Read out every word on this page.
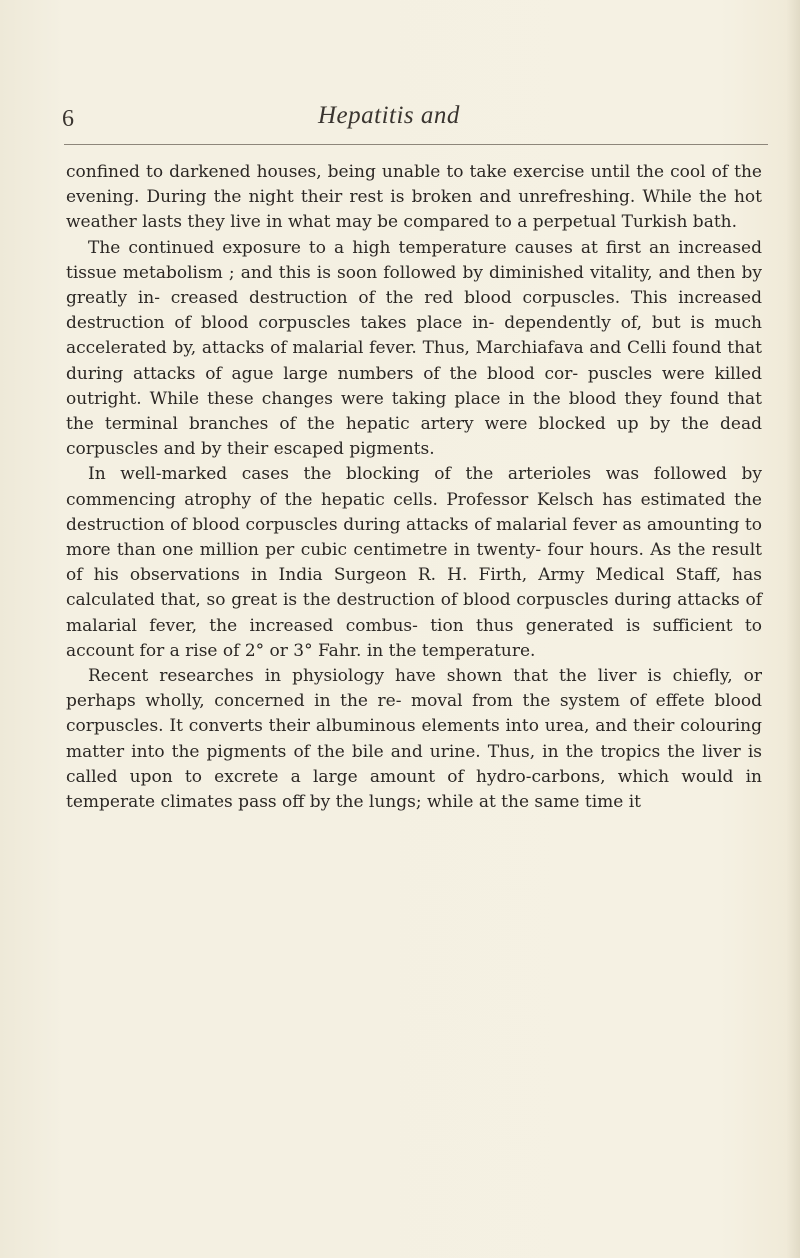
6	Hepatitis and

confined to darkened houses, being unable to take exercise until the cool of the evening. During the night their rest is broken and unrefreshing. While the hot weather lasts they live in what may be compared to a perpetual Turkish bath.

The continued exposure to a high temperature causes at first an increased tissue metabolism ; and this is soon followed by diminished vitality, and then by greatly in- creased destruction of the red blood corpuscles. This increased destruction of blood corpuscles takes place in- dependently of, but is much accelerated by, attacks of malarial fever. Thus, Marchiafava and Celli found that during attacks of ague large numbers of the blood cor- puscles were killed outright. While these changes were taking place in the blood they found that the terminal branches of the hepatic artery were blocked up by the dead corpuscles and by their escaped pigments.

In well-marked cases the blocking of the arterioles was followed by commencing atrophy of the hepatic cells. Professor Kelsch has estimated the destruction of blood corpuscles during attacks of malarial fever as amounting to more than one million per cubic centimetre in twenty- four hours. As the result of his observations in India Surgeon R. H. Firth, Army Medical Staff, has calculated that, so great is the destruction of blood corpuscles during attacks of malarial fever, the increased combus- tion thus generated is sufficient to account for a rise of 2° or 3° Fahr. in the temperature.

Recent researches in physiology have shown that the liver is chiefly, or perhaps wholly, concerned in the re- moval from the system of effete blood corpuscles. It converts their albuminous elements into urea, and their colouring matter into the pigments of the bile and urine. Thus, in the tropics the liver is called upon to excrete a large amount of hydro-carbons, which would in temperate climates pass off by the lungs; while at the same time it
